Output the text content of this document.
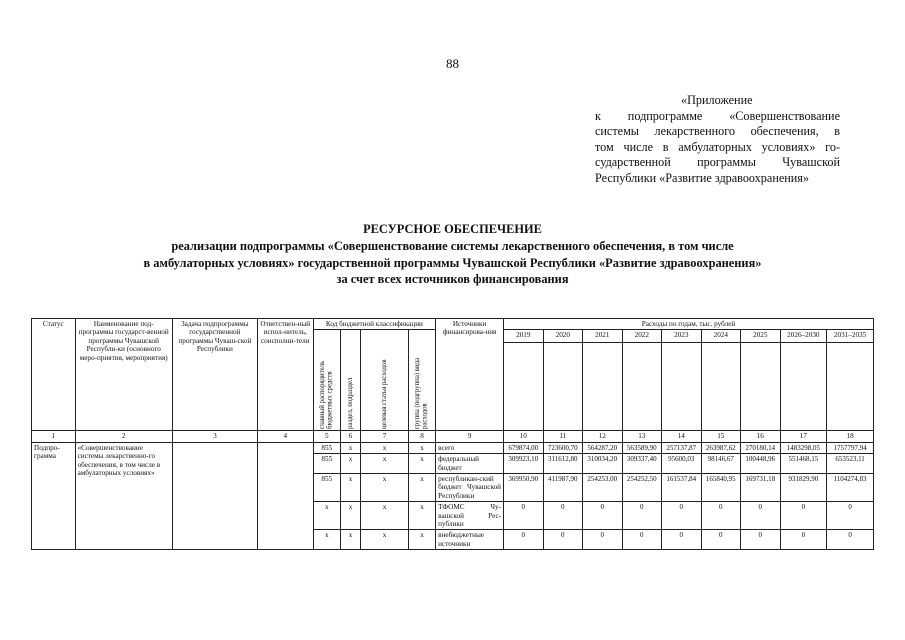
88
«Приложение
к подпрограмме «Совершенствование
системы лекарственного обеспечения, в
том числе в амбулаторных условиях» го-
сударственной программы Чувашской
Республики «Развитие здравоохранения»
РЕСУРСНОЕ ОБЕСПЕЧЕНИЕ
реализации подпрограммы «Совершенствование системы лекарственного обеспечения, в том числе
в амбулаторных условиях» государственной программы Чувашской Республики «Развитие здравоохранения»
за счет всех источников финансирования
Статус	Наименование под-программы государст-венной программы Чувашской Республи-ки (основного меро-приятия, мероприятия)	Задача подпрограммы государственной программы Чуваш-ской Республики	Ответствен-ный испол-нитель, соисполни-тели	Код бюджетной классификации				Источники финансирова-ния	Расходы по годам, тыс. рублей								

				главный распорядитель бюджетных средств	раздел, подраздел	целевая статья расходов	группа (подгруппа) вида расходов		2019	2020	2021	2022	2023	2024	2025	2026–2030	2031–2035

1	2	3	4	5	6	7	8	9	10	11	12	13	14	15	16	17	18
Подпро-грамма	«Совершенствование системы лекарственно-го обеспечения, в том числе в амбулаторных условиях»			855	x	x	x	всего	679874,00	723600,70	564287,20	563589,90	257137,87	263987,62	270180,14	1483298,05	1757797,94
				855	x	x	x	федеральный бюджет	309923,10	311612,80	310034,20	309337,40	95600,03	98146,67	100448,96	551468,15	653523,11
				855	x	x	x	республикан-ский бюджет Чувашской Республики	369950,90	411987,90	254253,00	254252,50	161537,84	165840,95	169731,18	931829,90	1104274,83
				x	x	x	x	ТФОМС Чу-вашской Рес-публики	0	0	0	0	0	0	0	0	0
				x	x	x	x	внебюджетные источники	0	0	0	0	0	0	0	0	0
